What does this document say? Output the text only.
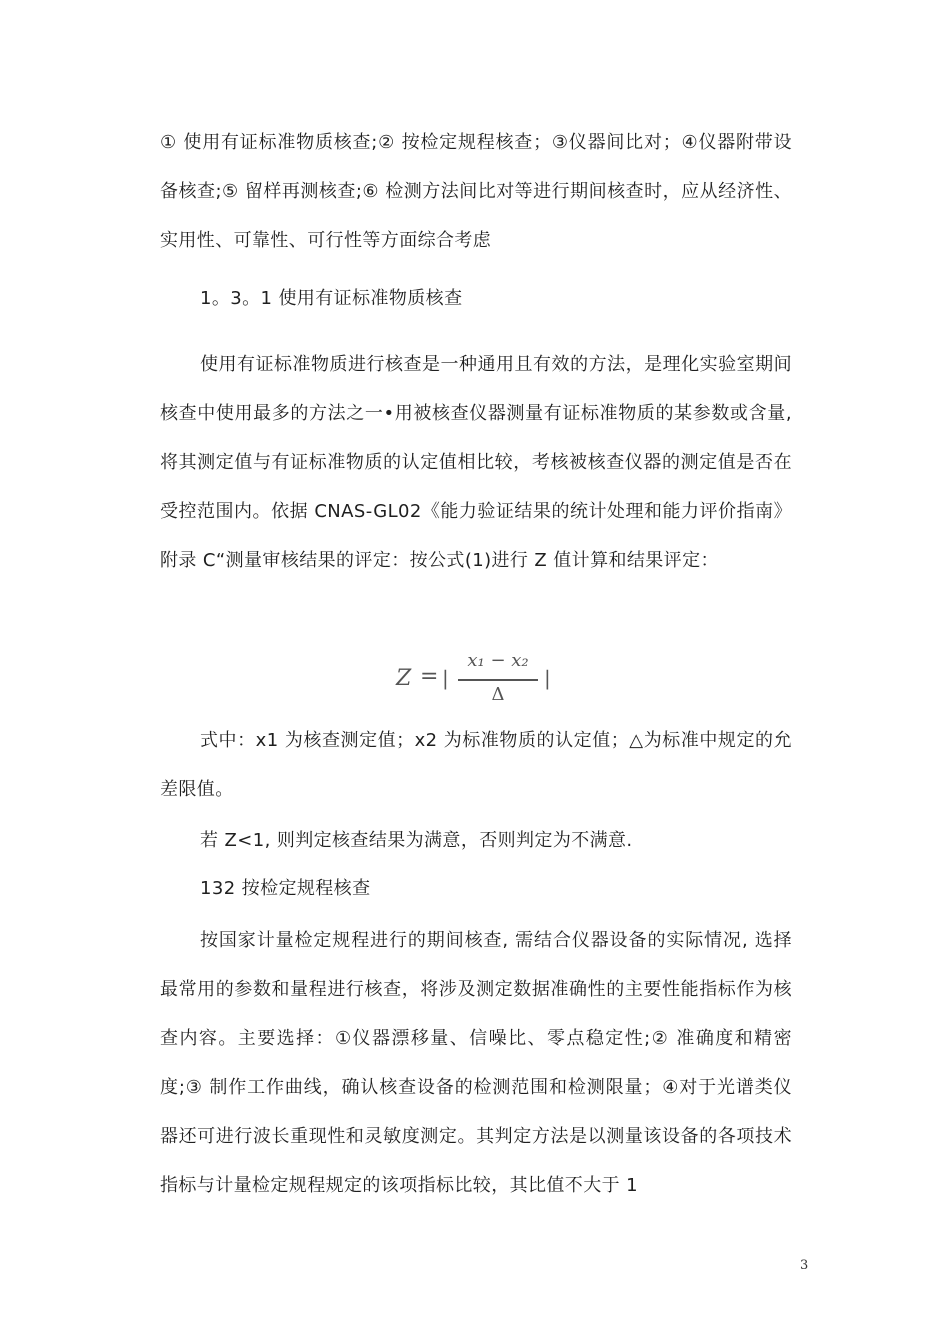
① 使用有证标准物质核查;② 按检定规程核查；③仪器间比对；④仪器附带设备核查;⑤ 留样再测核查;⑥ 检测方法间比对等进行期间核查时，应从经济性、实用性、可靠性、可行性等方面综合考虑

1。3。1 使用有证标准物质核查

使用有证标准物质进行核查是一种通用且有效的方法，是理化实验室期间核查中使用最多的方法之一•用被核查仪器测量有证标准物质的某参数或含量, 将其测定值与有证标准物质的认定值相比较，考核被核查仪器的测定值是否在受控范围内。依据 CNAS-GL02《能力验证结果的统计处理和能力评价指南》附录 C“测量审核结果的评定：按公式(1)进行 Z 值计算和结果评定：

Z = |
x₁ − x₂
Δ
|

式中：x1 为核查测定值；x2 为标准物质的认定值；△为标准中规定的允差限值。

若 Z<1, 则判定核查结果为满意，否则判定为不满意.

132 按检定规程核查

按国家计量检定规程进行的期间核查, 需结合仪器设备的实际情况, 选择最常用的参数和量程进行核查，将涉及测定数据准确性的主要性能指标作为核查内容。主要选择：①仪器漂移量、信噪比、零点稳定性;② 准确度和精密度;③ 制作工作曲线，确认核查设备的检测范围和检测限量；④对于光谱类仪器还可进行波长重现性和灵敏度测定。其判定方法是以测量该设备的各项技术指标与计量检定规程规定的该项指标比较，其比值不大于 1

3
